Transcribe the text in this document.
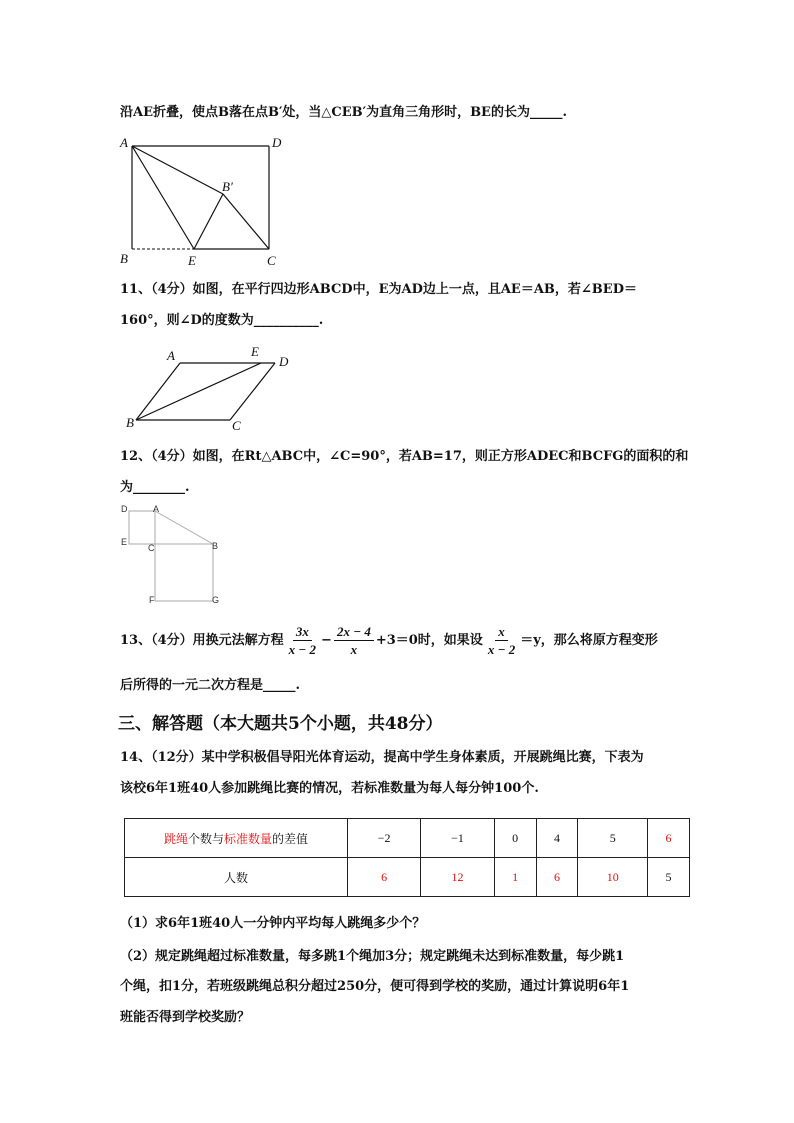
沿AE折叠，使点B落在点B′处，当△CEB′为直角三角形时，BE的长为_____.
A	D
B′
B	E	C
11、（4分）如图，在平行四边形ABCD中，E为AD边上一点，且AE＝AB，若∠BED＝
160°，则∠D的度数为__________.
A	E
D
B	C
12、（4分）如图，在Rt△ABC中，∠C=90°，若AB=17，则正方形ADEC和BCFG的面积的和
为________.
D	A
E
C	B
F	G
13、（4分）用换元法解方程 $\frac{3x}{x - 2} - \frac{2x - 4}{x} +3=0$时，如果设 $\frac{x}{x - 2} =y$，那么将原方程变形
后所得的一元二次方程是_____.
三、解答题（本大题共5个小题，共48分）
14、（12分）某中学积极倡导阳光体育运动，提高中学生身体素质，开展跳绳比赛，下表为
该校6年1班40人参加跳绳比赛的情况，若标准数量为每人每分钟100个.
跳绳个数与标准数量的差值	−2	−1	0	4	5	6
人数	6	12	1	6	10	5
（1）求6年1班40人一分钟内平均每人跳绳多少个？
（2）规定跳绳超过标准数量，每多跳1个绳加3分；规定跳绳未达到标准数量，每少跳1
个绳，扣1分，若班级跳绳总积分超过250分，便可得到学校的奖励，通过计算说明6年1
班能否得到学校奖励？
